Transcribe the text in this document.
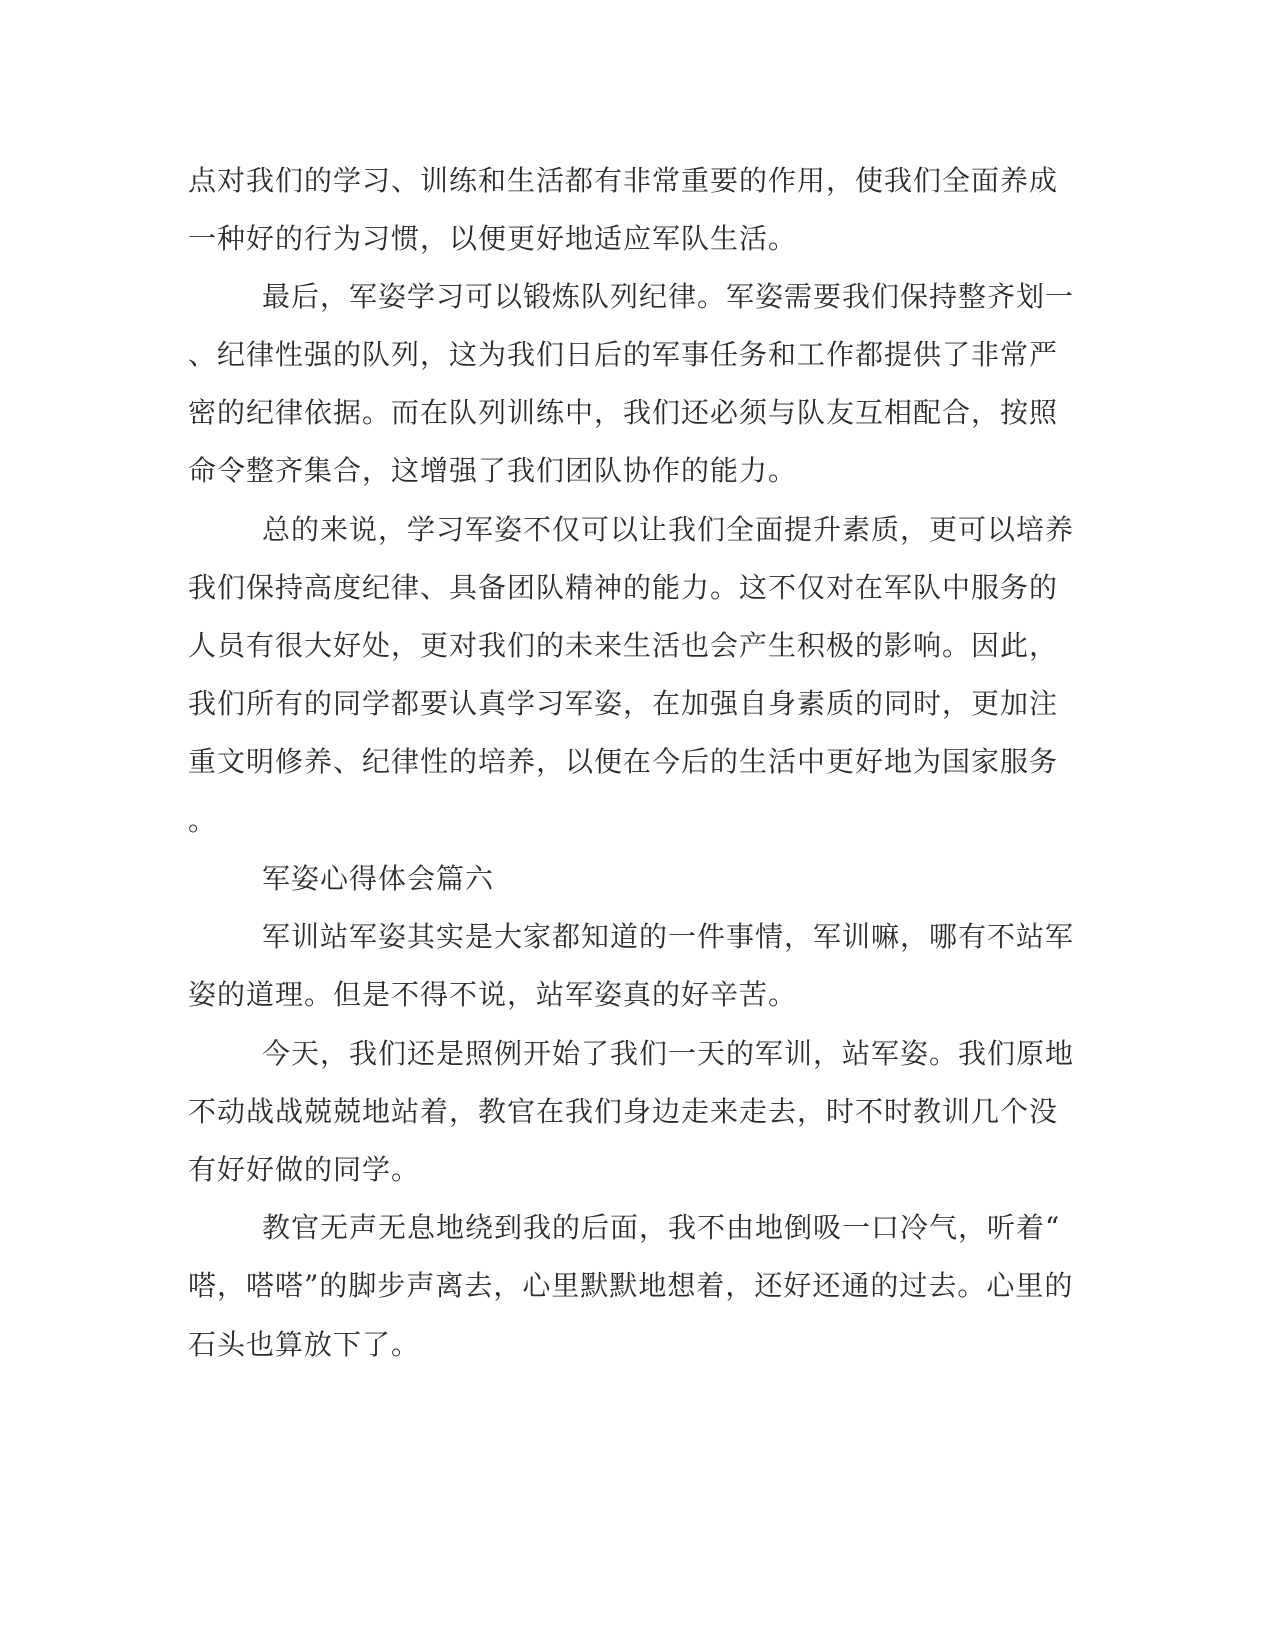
点对我们的学习、训练和生活都有非常重要的作用，使我们全面养成
一种好的行为习惯，以便更好地适应军队生活。
最后，军姿学习可以锻炼队列纪律。军姿需要我们保持整齐划一
、纪律性强的队列，这为我们日后的军事任务和工作都提供了非常严
密的纪律依据。而在队列训练中，我们还必须与队友互相配合，按照
命令整齐集合，这增强了我们团队协作的能力。
总的来说，学习军姿不仅可以让我们全面提升素质，更可以培养
我们保持高度纪律、具备团队精神的能力。这不仅对在军队中服务的
人员有很大好处，更对我们的未来生活也会产生积极的影响。因此，
我们所有的同学都要认真学习军姿，在加强自身素质的同时，更加注
重文明修养、纪律性的培养，以便在今后的生活中更好地为国家服务
。
军姿心得体会篇六
军训站军姿其实是大家都知道的一件事情，军训嘛，哪有不站军
姿的道理。但是不得不说，站军姿真的好辛苦。
今天，我们还是照例开始了我们一天的军训，站军姿。我们原地
不动战战兢兢地站着，教官在我们身边走来走去，时不时教训几个没
有好好做的同学。
教官无声无息地绕到我的后面，我不由地倒吸一口冷气，听着“
嗒，嗒嗒”的脚步声离去，心里默默地想着，还好还通的过去。心里的
石头也算放下了。
